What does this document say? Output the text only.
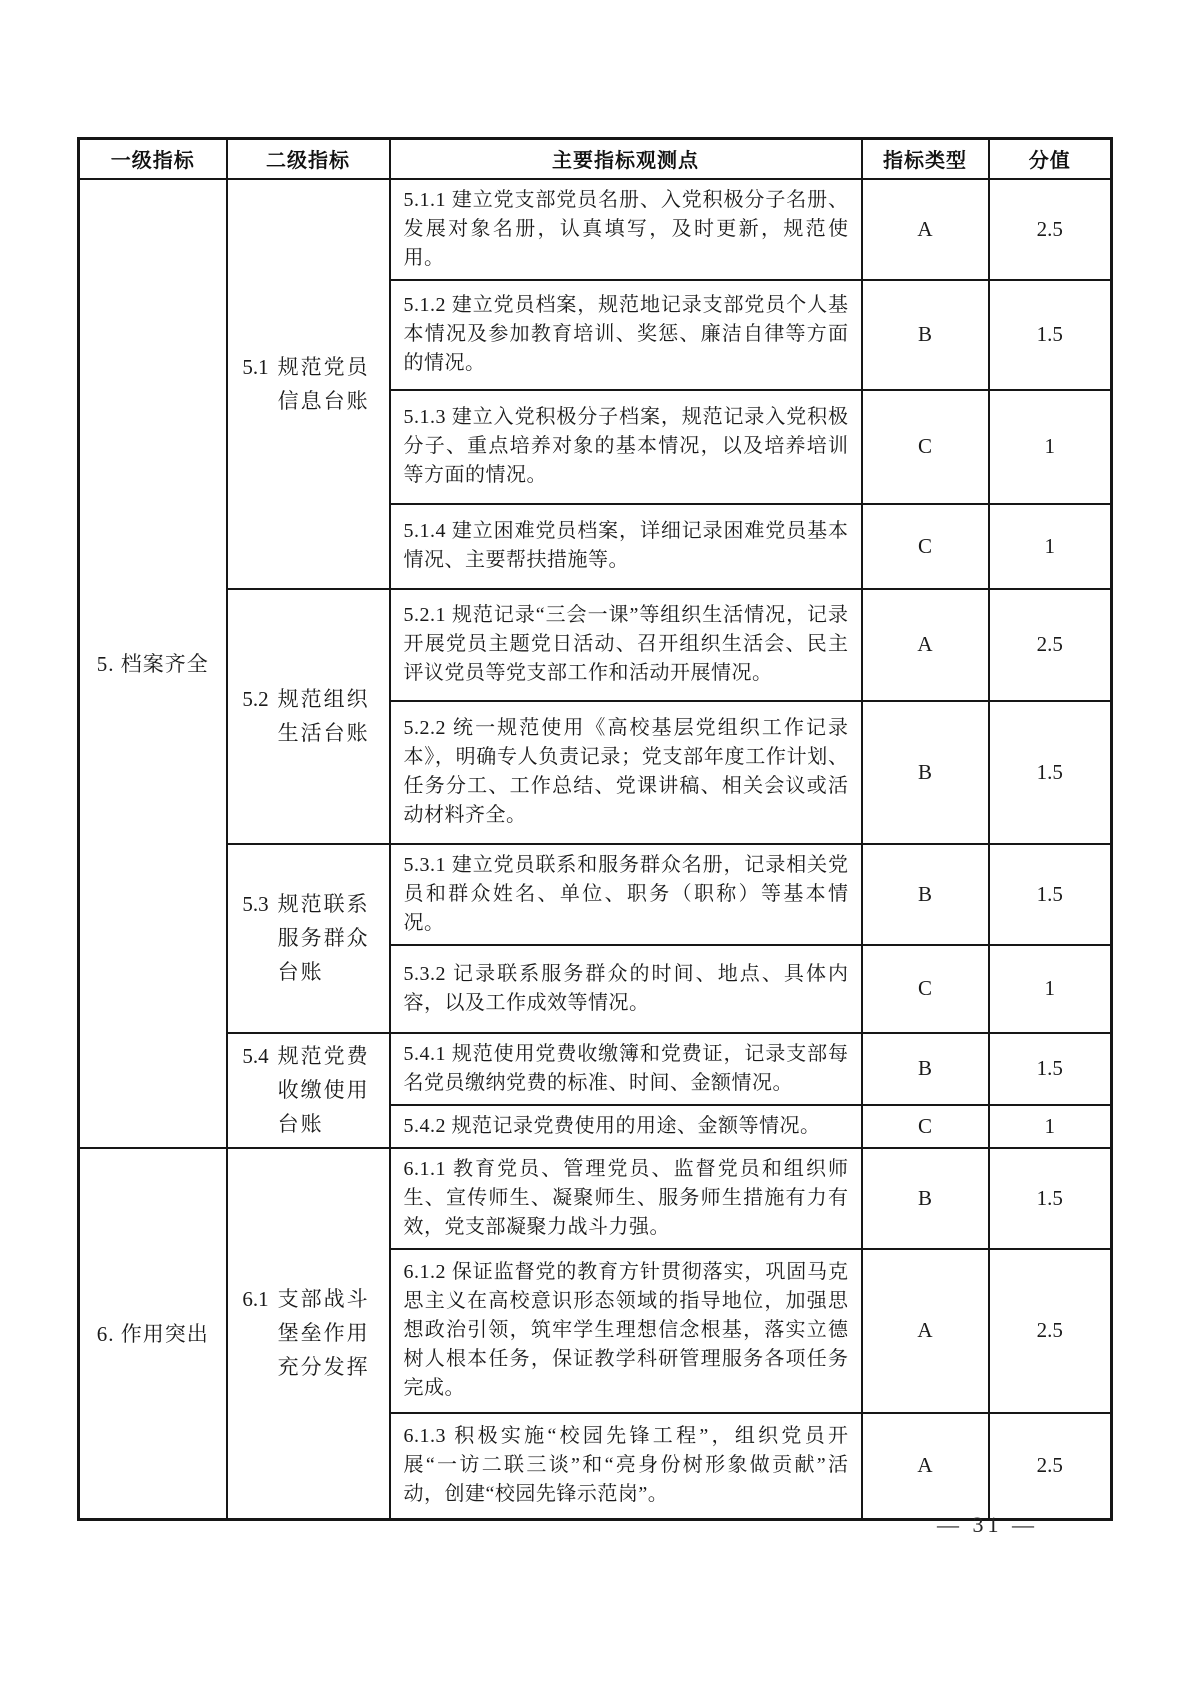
一级指标	二级指标	主要指标观测点	指标类型	分值
5. 档案齐全	5.1 规范党员信息台账	5.1.1 建立党支部党员名册、入党积极分子名册、发展对象名册，认真填写，及时更新，规范使用。	A	2.5
		5.1.2 建立党员档案，规范地记录支部党员个人基本情况及参加教育培训、奖惩、廉洁自律等方面的情况。	B	1.5
		5.1.3 建立入党积极分子档案，规范记录入党积极分子、重点培养对象的基本情况，以及培养培训等方面的情况。	C	1
		5.1.4 建立困难党员档案，详细记录困难党员基本情况、主要帮扶措施等。	C	1

	5.2 规范组织生活台账	5.2.1 规范记录“三会一课”等组织生活情况，记录开展党员主题党日活动、召开组织生活会、民主评议党员等党支部工作和活动开展情况。	A	2.5
		5.2.2 统一规范使用《高校基层党组织工作记录本》，明确专人负责记录；党支部年度工作计划、任务分工、工作总结、党课讲稿、相关会议或活动材料齐全。	B	1.5

	5.3 规范联系服务群众台账	5.3.1 建立党员联系和服务群众名册，记录相关党员和群众姓名、单位、职务（职称）等基本情况。	B	1.5
		5.3.2 记录联系服务群众的时间、地点、具体内容，以及工作成效等情况。	C	1

	5.4 规范党费收缴使用台账	5.4.1 规范使用党费收缴簿和党费证，记录支部每名党员缴纳党费的标准、时间、金额情况。	B	1.5
		5.4.2 规范记录党费使用的用途、金额等情况。	C	1
6. 作用突出	6.1 支部战斗堡垒作用充分发挥	6.1.1 教育党员、管理党员、监督党员和组织师生、宣传师生、凝聚师生、服务师生措施有力有效，党支部凝聚力战斗力强。	B	1.5
		6.1.2 保证监督党的教育方针贯彻落实，巩固马克思主义在高校意识形态领域的指导地位，加强思想政治引领，筑牢学生理想信念根基，落实立德树人根本任务，保证教学科研管理服务各项任务完成。	A	2.5
		6.1.3 积极实施“校园先锋工程”，组织党员开展“一访二联三谈”和“亮身份树形象做贡献”活动，创建“校园先锋示范岗”。	A	2.5
— 31 —
